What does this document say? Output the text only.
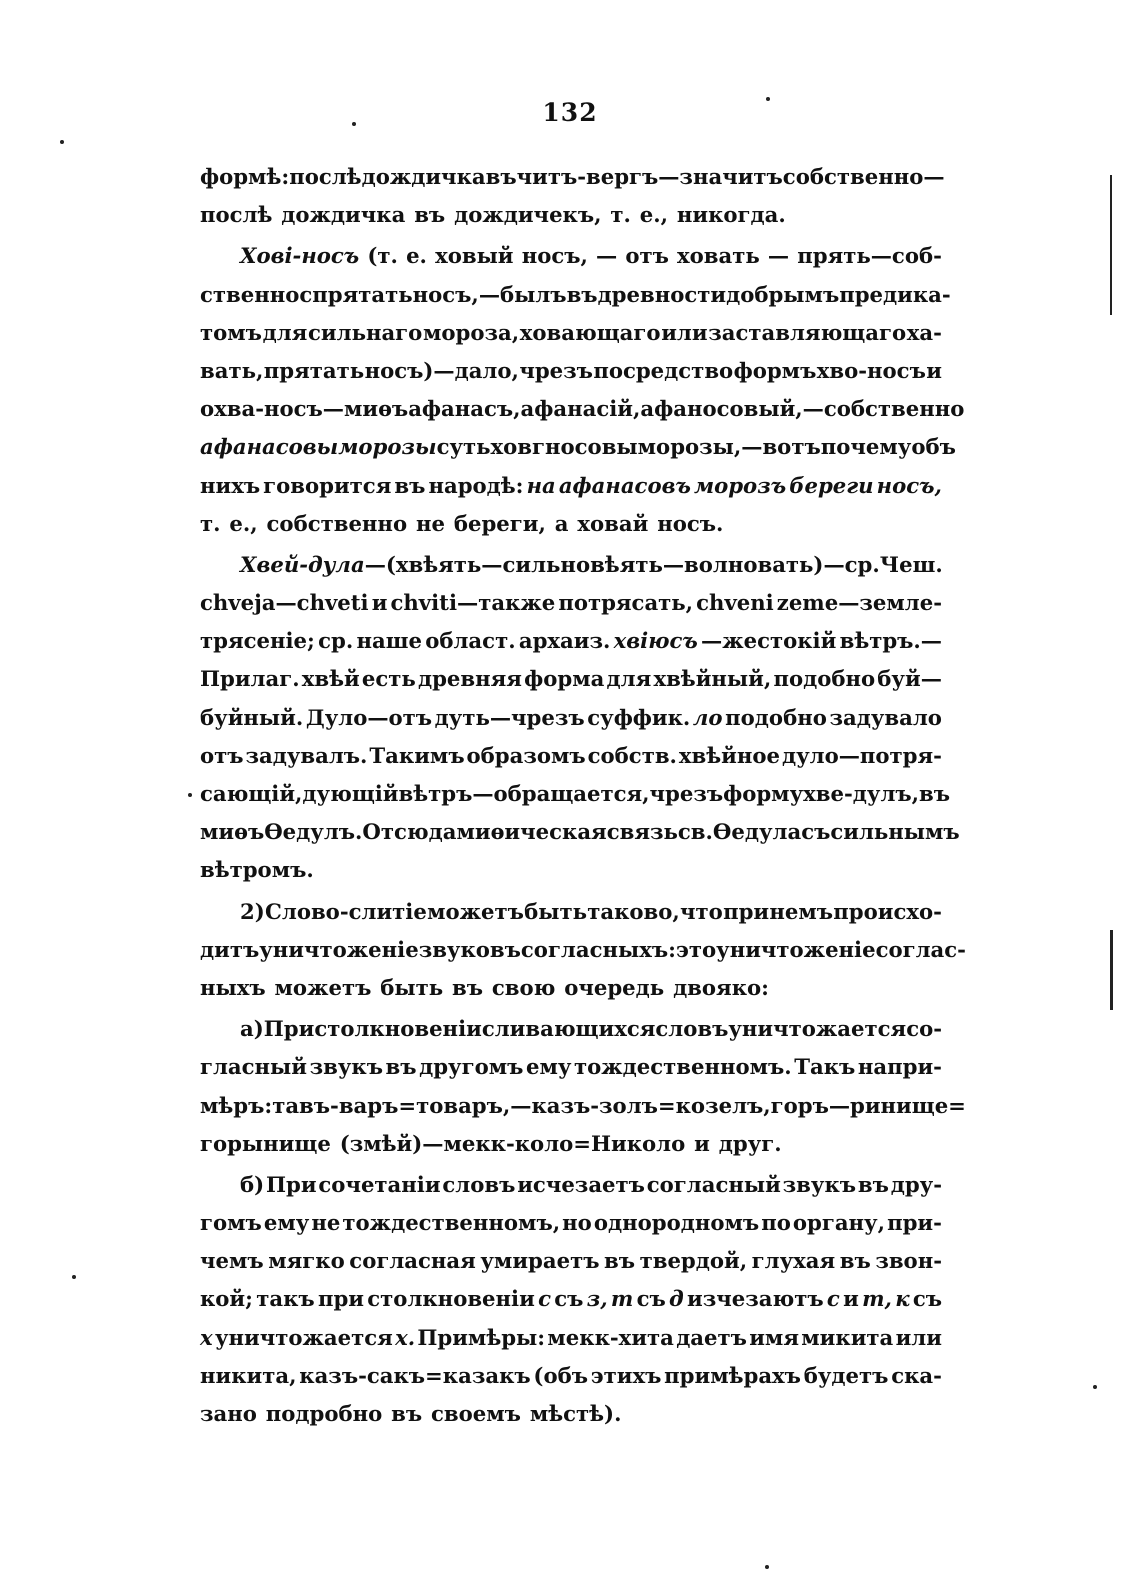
132
формѣ: послѣ дождичка въ читъ-вергъ—значитъ собственно—
послѣ дождичка въ дождичекъ, т. е., никогда.
Хові-носъ (т. е. ховый носъ, — отъ ховать — прять—соб-
ственно спрятать носъ, — былъ въ древности добрымъ предика-
томъ для сильнаго мороза, ховающаго или заставляющаго ха-
вать, прятать носъ)—дало, чрезъ посредство формъ хво-носъ и
охва-носъ—миѳъ афанасъ, афанасій, афаносовый,—собственно
афанасовы морозы суть ховгносовы морозы,—вотъ почему объ
нихъ говорится въ народѣ: на афанасовъ морозъ береги носъ,
т. е., собственно не береги, а ховай носъ.
Хвей-дула —(хвѣять—сильно вѣять—волновать)—ср. Чеш.
chveja—chveti и chviti—также потрясать, chveni zeme—земле-
трясеніе; ср. наше област. архаиз. хвіюсъ —жестокій вѣтръ.—
Прилаг. хвѣй есть древняя форма для хвѣйный, подобно буй—
буйный. Дуло—отъ дуть—чрезъ суффик. ло подобно задувало
отъ задувалъ. Такимъ образомъ собств. хвѣйное дуло—потря-
сающій, дующій вѣтръ—обращается, чрезъ форму хве-дулъ, въ
миѳъ Ѳедулъ. Отсюда миѳическая связь св. Ѳедула съ сильнымъ
вѣтромъ.
2) Слово-слитіе можетъ быть таково, что при немъ происхо-
дитъ уничтоженіе звуковъ согласныхъ: это уничтоженіе соглас-
ныхъ можетъ быть въ свою очередь двояко:
а) При столкновеніи сливающихся словъ уничтожается со-
гласный звукъ въ другомъ ему тождественномъ. Такъ напри-
мѣръ: тавъ-варъ=товаръ,—казъ-золъ=козелъ, горъ—ринище=
горынище (змѣй)—мекк-коло=Николо и друг.
б) При сочетаніи словъ исчезаетъ согласный звукъ въ дру-
гомъ ему не тождественномъ, но однородномъ по органу, при-
чемъ мягко согласная умираетъ въ твердой, глухая въ звон-
кой; такъ при столкновеніи с съ з, т съ д изчезаютъ с и т, к съ
х уничтожается х. Примѣры: мекк-хита даетъ имя микита или
никита, казъ-сакъ=казакъ (объ этихъ примѣрахъ будетъ ска-
зано подробно въ своемъ мѣстѣ).
